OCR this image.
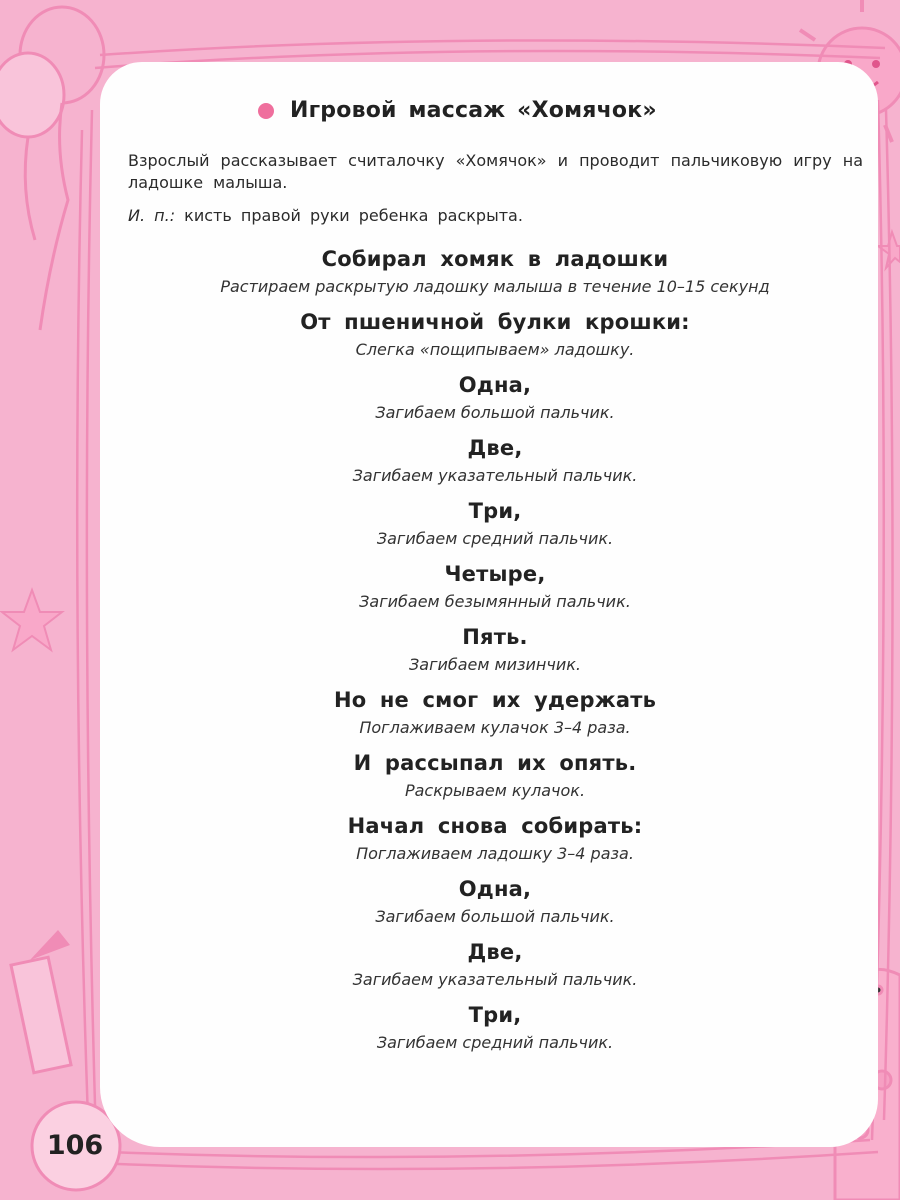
Игровой массаж «Хомячок»
Взрослый рассказывает считалочку «Хомячок» и проводит пальчиковую игру на ладошке малыша.
И. п.: кисть правой руки ребенка раскрыта.
Собирал хомяк в ладошки
Растираем раскрытую ладошку малыша в течение 10–15 секунд
От пшеничной булки крошки:
Слегка «пощипываем» ладошку.
Одна,
Загибаем большой пальчик.
Две,
Загибаем указательный пальчик.
Три,
Загибаем средний пальчик.
Четыре,
Загибаем безымянный пальчик.
Пять.
Загибаем мизинчик.
Но не смог их удержать
Поглаживаем кулачок 3–4 раза.
И рассыпал их опять.
Раскрываем кулачок.
Начал снова собирать:
Поглаживаем ладошку 3–4 раза.
Одна,
Загибаем большой пальчик.
Две,
Загибаем указательный пальчик.
Три,
Загибаем средний пальчик.
106
